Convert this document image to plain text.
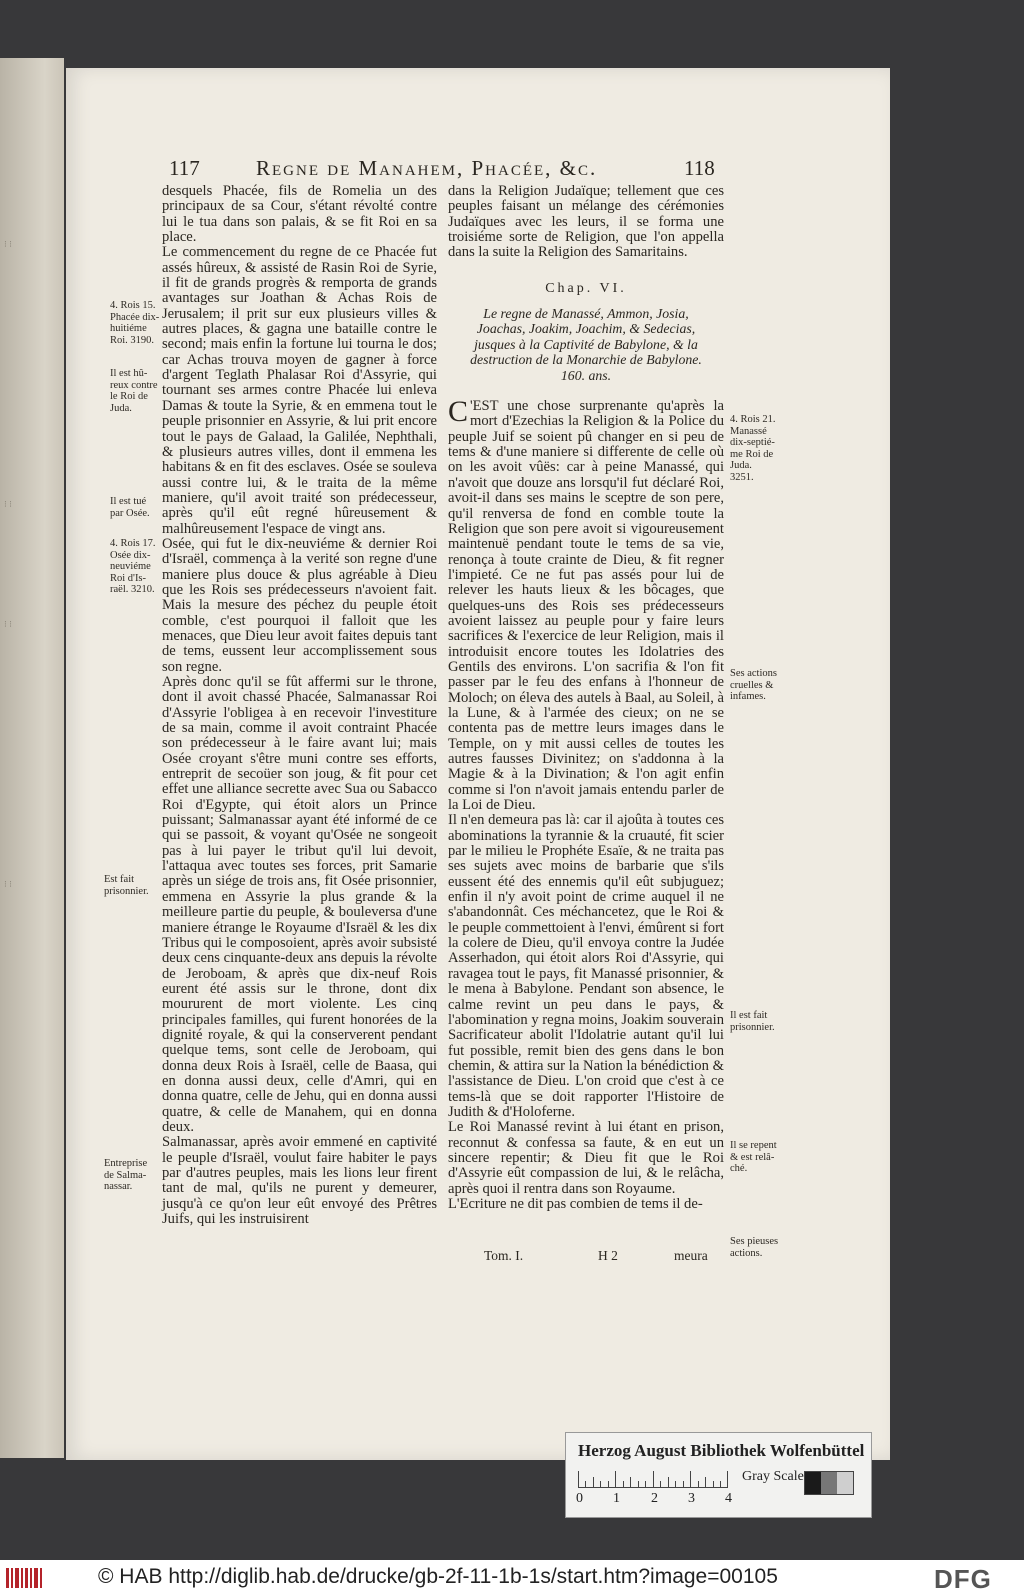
⁝ ⁝
⁝ ⁝
⁝ ⁝
⁝ ⁝
117	Regne de Manahem, Phacée, &c.	118
desquels Phacée, fils de Romelia un des principaux de sa Cour, s'étant révolté contre lui le tua dans son palais, & se fit Roi en sa place.
Le commencement du regne de ce Phacée fut assés hûreux, & assisté de Rasin Roi de Syrie, il fit de grands progrès & remporta de grands avantages sur Joathan & Achas Rois de Jerusalem; il prit sur eux plusieurs villes & autres places, & gagna une bataille contre le second; mais enfin la fortune lui tourna le dos; car Achas trouva moyen de gagner à force d'argent Teglath Phalasar Roi d'Assyrie, qui tournant ses armes contre Phacée lui enleva Damas & toute la Syrie, & en emmena tout le peuple prisonnier en Assyrie, & lui prit encore tout le pays de Galaad, la Galilée, Nephthali, & plusieurs autres villes, dont il emmena les habitans & en fit des esclaves. Osée se souleva aussi contre lui, & le traita de la même maniere, qu'il avoit traité son prédecesseur, après qu'il eût regné hûreusement & malhûreusement l'espace de vingt ans.
Osée, qui fut le dix-neuviéme & dernier Roi d'Israël, commença à la verité son regne d'une maniere plus douce & plus agréable à Dieu que les Rois ses prédecesseurs n'avoient fait. Mais la mesure des péchez du peuple étoit comble, c'est pourquoi il falloit que les menaces, que Dieu leur avoit faites depuis tant de tems, eussent leur accomplissement sous son regne.
Après donc qu'il se fût affermi sur le throne, dont il avoit chassé Phacée, Salmanassar Roi d'Assyrie l'obligea à en recevoir l'investiture de sa main, comme il avoit contraint Phacée son prédecesseur à le faire avant lui; mais Osée croyant s'être muni contre ses efforts, entreprit de secoüer son joug, & fit pour cet effet une alliance secrette avec Sua ou Sabacco Roi d'Egypte, qui étoit alors un Prince puissant; Salmanassar ayant été informé de ce qui se passoit, & voyant qu'Osée ne songeoit pas à lui payer le tribut qu'il lui devoit, l'attaqua avec toutes ses forces, prit Samarie après un siége de trois ans, fit Osée prisonnier, emmena en Assyrie la plus grande & la meilleure partie du peuple, & bouleversa d'une maniere étrange le Royaume d'Israël & les dix Tribus qui le composoient, après avoir subsisté deux cens cinquante-deux ans depuis la révolte de Jeroboam, & après que dix-neuf Rois eurent été assis sur le throne, dont dix moururent de mort violente. Les cinq principales familles, qui furent honorées de la dignité royale, & qui la conserverent pendant quelque tems, sont celle de Jeroboam, qui donna deux Rois à Israël, celle de Baasa, qui en donna aussi deux, celle d'Amri, qui en donna quatre, celle de Jehu, qui en donna aussi quatre, & celle de Manahem, qui en donna deux.
Salmanassar, après avoir emmené en captivité le peuple d'Israël, voulut faire habiter le pays par d'autres peuples, mais les lions leur firent tant de mal, qu'ils ne purent y demeurer, jusqu'à ce qu'on leur eût envoyé des Prêtres Juifs, qui les instruisirent
dans la Religion Judaïque; tellement que ces peuples faisant un mélange des cérémonies Judaïques avec les leurs, il se forma une troisiéme sorte de Religion, que l'on appella dans la suite la Religion des Samaritains.
Chap. VI.
Le regne de Manassé, Ammon, Josia, Joachas, Joakim, Joachim, & Sedecias, jusques à la Captivité de Babylone, & la destruction de la Monarchie de Babylone. 160. ans.
C 'EST une chose surprenante qu'après la mort d'Ezechias la Religion & la Police du peuple Juif se soient pû changer en si peu de tems & d'une maniere si differente de celle où on les avoit vûës: car à peine Manassé, qui n'avoit que douze ans lorsqu'il fut déclaré Roi, avoit-il dans ses mains le sceptre de son pere, qu'il renversa de fond en comble toute la Religion que son pere avoit si vigoureusement maintenuë pendant toute le tems de sa vie, renonça à toute crainte de Dieu, & fit regner l'impieté. Ce ne fut pas assés pour lui de relever les hauts lieux & les bôcages, que quelques-uns des Rois ses prédecesseurs avoient laissez au peuple pour y faire leurs sacrifices & l'exercice de leur Religion, mais il introduisit encore toutes les Idolatries des Gentils des environs. L'on sacrifia & l'on fit passer par le feu des enfans à l'honneur de Moloch; on éleva des autels à Baal, au Soleil, à la Lune, & à l'armée des cieux; on ne se contenta pas de mettre leurs images dans le Temple, on y mit aussi celles de toutes les autres fausses Divinitez; on s'addonna à la Magie & à la Divination; & l'on agit enfin comme si l'on n'avoit jamais entendu parler de la Loi de Dieu.
Il n'en demeura pas là: car il ajoûta à toutes ces abominations la tyrannie & la cruauté, fit scier par le milieu le Prophéte Esaïe, & ne traita pas ses sujets avec moins de barbarie que s'ils eussent été des ennemis qu'il eût subjuguez; enfin il n'y avoit point de crime auquel il ne s'abandonnât. Ces méchancetez, que le Roi & le peuple commettoient à l'envi, émûrent si fort la colere de Dieu, qu'il envoya contre la Judée Asserhadon, qui étoit alors Roi d'Assyrie, qui ravagea tout le pays, fit Manassé prisonnier, & le mena à Babylone. Pendant son absence, le calme revint un peu dans le pays, & l'abomination y regna moins, Joakim souverain Sacrificateur abolit l'Idolatrie autant qu'il lui fut possible, remit bien des gens dans le bon chemin, & attira sur la Nation la bénédiction & l'assistance de Dieu. L'on croid que c'est à ce tems-là que se doit rapporter l'Histoire de Judith & d'Holoferne.
Le Roi Manassé revint à lui étant en prison, reconnut & confessa sa faute, & en eut un sincere repentir; & Dieu fit que le Roi d'Assyrie eût compassion de lui, & le relâcha, après quoi il rentra dans son Royaume.
L'Ecriture ne dit pas combien de tems il de-
4. Rois 15.
Phacée dix-
huitiéme
Roi. 3190.
Il est hû-
reux contre
le Roi de
Juda.
Il est tué
par Osée.
4. Rois 17.
Osée dix-
neuviéme
Roi d'Is-
raël. 3210.
Est fait
prisonnier.
Entreprise
de Salma-
nassar.
4. Rois 21.
Manassé
dix-septié-
me Roi de
Juda.
3251.
Ses actions
cruelles &
infames.
Il est fait
prisonnier.
Il se repent
& est relâ-
ché.
Ses pieuses
actions.
Tom. I.	H 2	meura
Herzog August Bibliothek Wolfenbüttel
0 1 2 3 4
Gray Scale
© HAB http://diglib.hab.de/drucke/gb-2f-11-1b-1s/start.htm?image=00105	DFG
